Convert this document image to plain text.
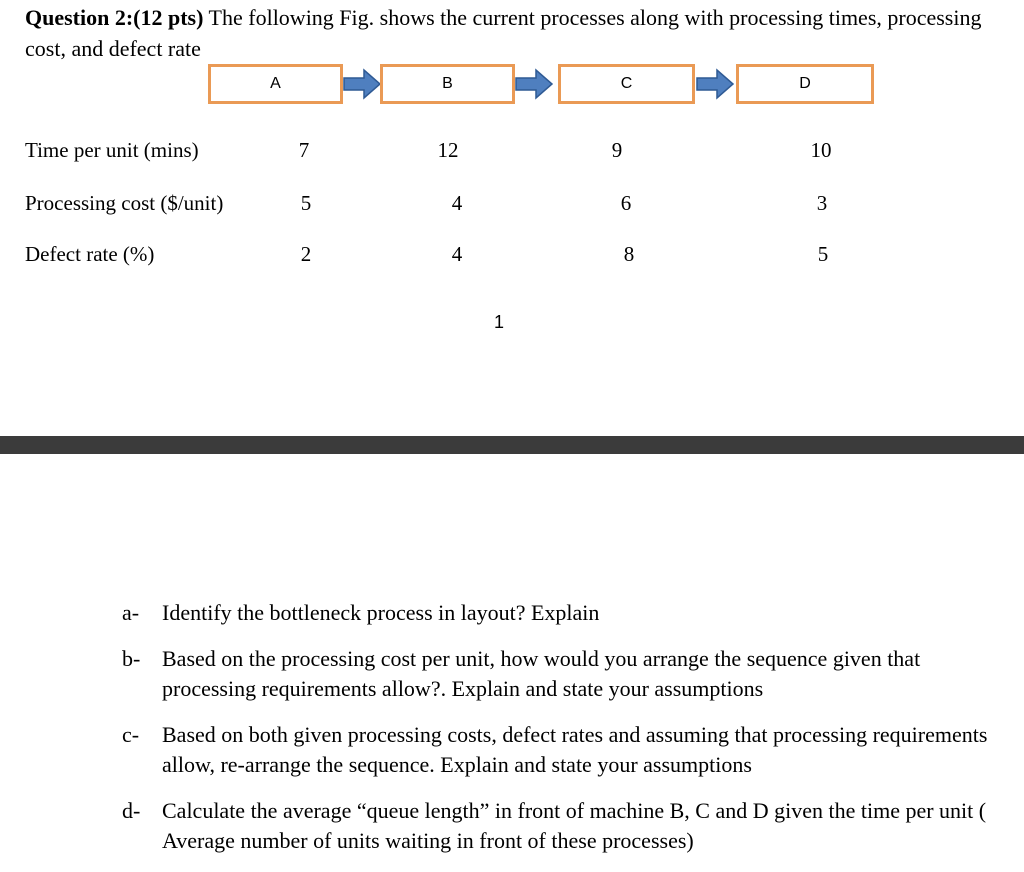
Question 2:(12 pts) The following Fig. shows the current processes along with processing times, processing cost, and defect rate
A	B	C	D
Time per unit (mins)	7	12	9	10
Processing cost ($/unit)	5	4	6	3
Defect rate (%)	2	4	8	5
1
a-	Identify the bottleneck process in layout? Explain
b- Based on the processing cost per unit, how would you arrange the sequence given that processing requirements allow?. Explain and state your assumptions
c-	Based on both given processing costs, defect rates and assuming that processing requirements allow, re-arrange the sequence. Explain and state your assumptions
d- Calculate the average “queue length” in front of machine B, C and D given the time per unit ( Average number of units waiting in front of these processes)
